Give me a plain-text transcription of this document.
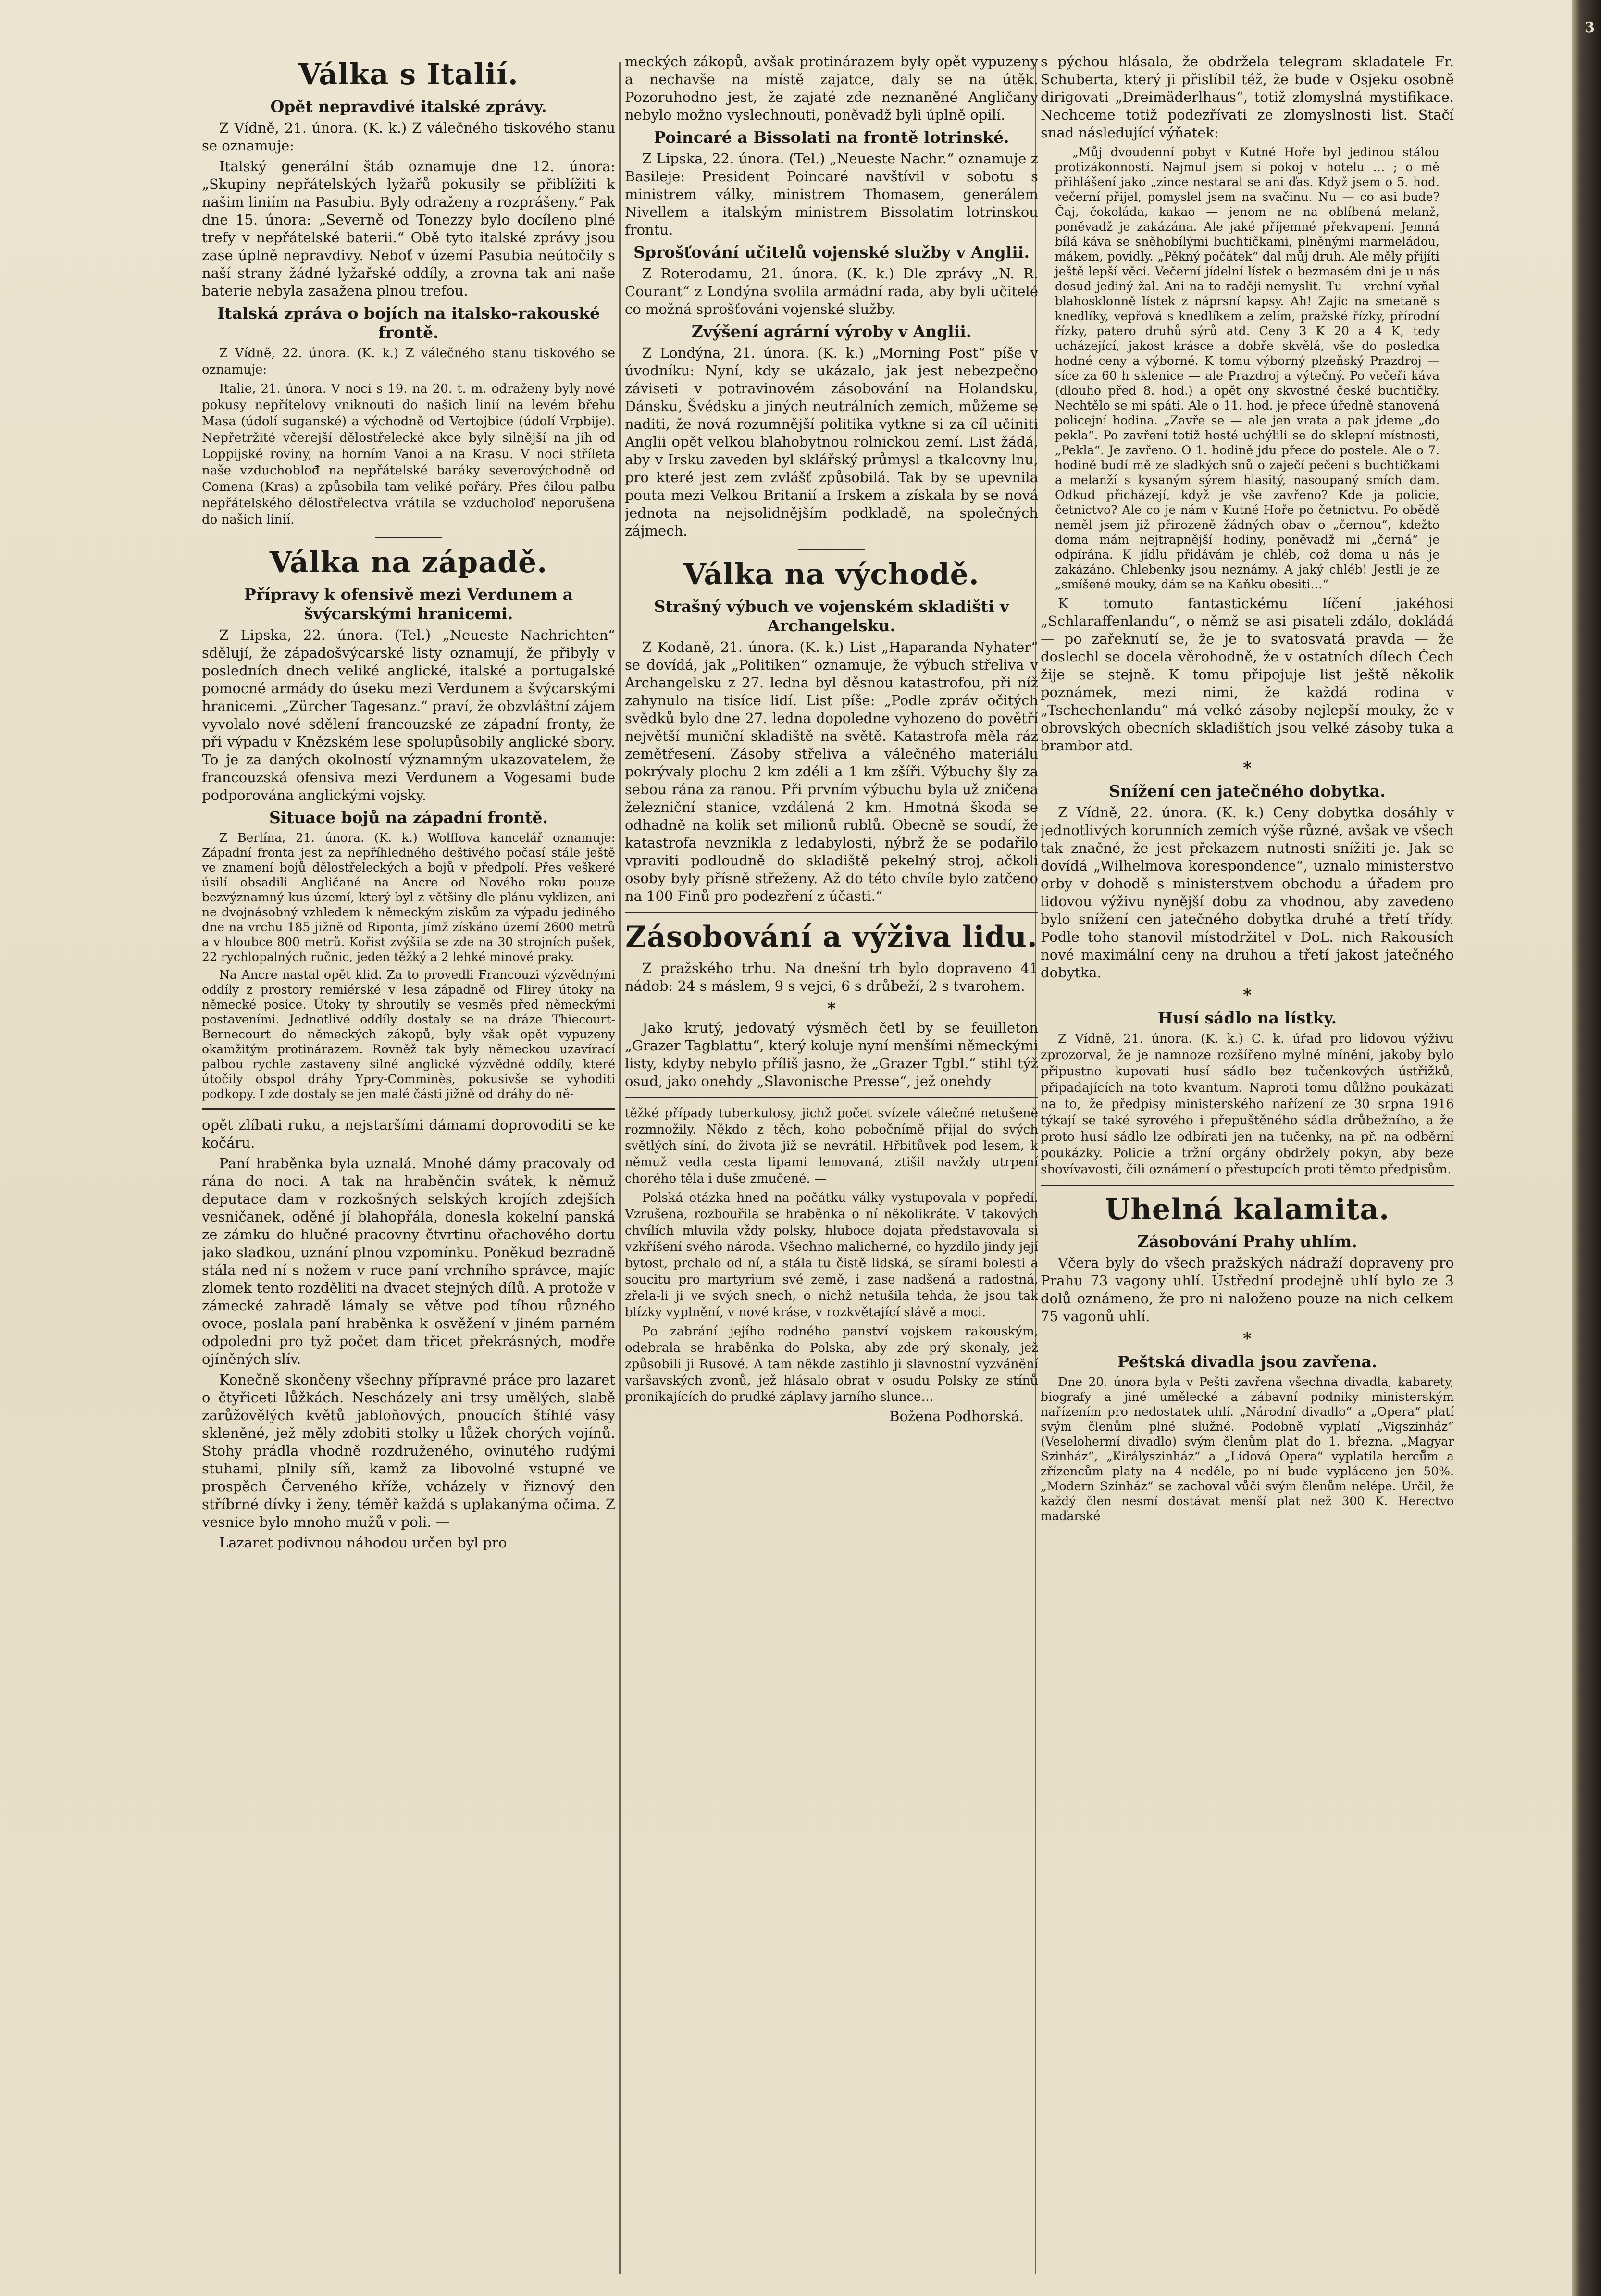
3
Válka s Italií.
Opět nepravdivé italské zprávy.

Z Vídně, 21. února. (K. k.) Z válečného tiskového stanu se oznamuje:

Italský generální štáb oznamuje dne 12. února: „Skupiny nepřátelských lyžařů pokusily se přiblížiti k našim liniím na Pasubiu. Byly odraženy a rozprášeny.“ Pak dne 15. února: „Severně od Tonezzy bylo docíleno plné trefy v nepřátelské baterii.“ Obě tyto italské zprávy jsou zase úplně nepravdivy. Neboť v území Pasubia neútočily s naší strany žádné lyžařské oddíly, a zrovna tak ani naše baterie nebyla zasažena plnou trefou.

Italská zpráva o bojích na italsko-rakouské frontě.

Z Vídně, 22. února. (K. k.) Z válečného stanu tiskového se oznamuje:

Italie, 21. února. V noci s 19. na 20. t. m. odraženy byly nové pokusy nepřítelovy vniknouti do našich linií na levém břehu Masa (údolí suganské) a východně od Vertojbice (údolí Vrpbije). Nepřetržité včerejší dělostřelecké akce byly silnější na jih od Loppijské roviny, na horním Vanoi a na Krasu. V noci stříleta naše vzduchoblođ na nepřátelské baráky severovýchodně od Comena (Kras) a způsobila tam veliké pořáry. Přes čilou palbu nepřátelského dělostřelectva vrátila se vzducholoď neporušena do našich linií.

Válka na západě.
Přípravy k ofensivě mezi Verdunem a švýcarskými hranicemi.

Z Lipska, 22. února. (Tel.) „Neueste Nachrichten“ sdělují, že západošvýcarské listy oznamují, že přibyly v posledních dnech veliké anglické, italské a portugalské pomocné armády do úseku mezi Verdunem a švýcarskými hranicemi. „Zürcher Tagesanz.“ praví, že obzvláštní zájem vyvolalo nové sdělení francouzské ze západní fronty, že při výpadu v Knězském lese spolupůsobily anglické sbory. To je za daných okolností významným ukazovatelem, že francouzská ofensiva mezi Verdunem a Vogesami bude podporována anglickými vojsky.

Situace bojů na západní frontě.

Z Berlína, 21. února. (K. k.) Wolffova kancelář oznamuje: Západní fronta jest za nepříhledného deštivého počasí stále ještě ve znamení bojů dělostřeleckých a bojů v předpolí. Přes veškeré úsilí obsadili Angličané na Ancre od Nového roku pouze bezvýznamný kus území, který byl z většiny dle plánu vyklizen, ani ne dvojnásobný vzhledem k německým ziskům za výpadu jediného dne na vrchu 185 jižně od Riponta, jímž získáno území 2600 metrů a v hloubce 800 metrů. Kořist zvýšila se zde na 30 strojních pušek, 22 rychlopalných ručnic, jeden těžký a 2 lehké minové praky.

Na Ancre nastal opět klid. Za to provedli Francouzi výzvědnými oddíly z prostory remiérské v lesa západně od Flirey útoky na německé posice. Útoky ty shroutily se vesměs před německými postaveními. Jednotlivé oddíly dostaly se na dráze Thiecourt-Bernecourt do německých zákopů, byly však opět vypuzeny okamžitým protinárazem. Rovněž tak byly německou uzavírací palbou rychle zastaveny silné anglické výzvědné oddíly, které útočily obspol dráhy Ypry-Comminès, pokusivše se vyhoditi podkopy. I zde dostaly se jen malé části jižně od dráhy do ně-

opět zlíbati ruku, a nejstaršími dámami doprovoditi se ke kočáru.

Paní hraběnka byla uznalá. Mnohé dámy pracovaly od rána do noci. A tak na hraběnčin svátek, k němuž deputace dam v rozkošných selských krojích zdejších vesničanek, oděné jí blahopřála, donesla kokelní panská ze zámku do hlučné pracovny čtvrtinu ořachového dortu jako sladkou, uznání plnou vzpomínku. Poněkud bezradně stála ned ní s nožem v ruce paní vrchního správce, majíc zlomek tento rozděliti na dvacet stejných dílů. A protože v zámecké zahradě lámaly se větve pod tíhou různého ovoce, poslala paní hraběnka k osvěžení v jiném parném odpoledni pro tyž počet dam třicet překrásných, modře ojíněných slív. —

Konečně skončeny všechny přípravné práce pro lazaret o čtyřiceti lůžkách. Nescházely ani trsy umělých, slabě zarůžovělých květů jabloňových, pnoucích štíhlé vásy skleněné, jež měly zdobiti stolky u lůžek chorých vojínů. Stohy prádla vhodně rozdruženého, ovinutého rudými stuhami, plnily síň, kamž za libovolné vstupné ve prospěch Červeného kříže, vcházely v řiznový den stříbrné dívky i ženy, téměř každá s uplakanýma očima. Z vesnice bylo mnoho mužů v poli. —

Lazaret podivnou náhodou určen byl pro

meckých zákopů, avšak protinárazem byly opět vypuzeny a nechavše na místě zajatce, daly se na útěk. Pozoruhodno jest, že zajaté zde neznaněné Angličany nebylo možno vyslechnouti, poněvadž byli úplně opilí.

Poincaré a Bissolati na frontě lotrinské.

Z Lipska, 22. února. (Tel.) „Neueste Nachr.“ oznamuje z Basileje: President Poincaré navštívil v sobotu s ministrem války, ministrem Thomasem, generálem Nivellem a italským ministrem Bissolatim lotrinskou frontu.

Sprošťování učitelů vojenské služby v Anglii.

Z Roterodamu, 21. února. (K. k.) Dle zprávy „N. R. Courant“ z Londýna svolila armádní rada, aby byli učitelé co možná sprošťováni vojenské služby.

Zvýšení agrární výroby v Anglii.

Z Londýna, 21. února. (K. k.) „Morning Post“ píše v úvodníku: Nyní, kdy se ukázalo, jak jest nebezpečno záviseti v potravinovém zásobování na Holandsku, Dánsku, Švédsku a jiných neutrálních zemích, můžeme se naditi, že nová rozumnější politika vytkne si za cíl učiniti Anglii opět velkou blahobytnou rolnickou zemí. List žádá, aby v Irsku zaveden byl sklářský průmysl a tkalcovny lnu, pro které jest zem zvlášť způsobilá. Tak by se upevnila poutа mezi Velkou Britanií a Irskem a získala by se nová jednota na nejsolidnějším podkladě, na společných zájmech.

Válka na východě.
Strašný výbuch ve vojenském skladišti v Archangelsku.

Z Kodaně, 21. února. (K. k.) List „Haparanda Nyhater“ se dovídá, jak „Politiken“ oznamuje, že výbuch střeliva v Archangelsku z 27. ledna byl děsnou katastrofou, při níž zahynulo na tisíce lidí. List píše: „Podle zpráv očitých svědků bylo dne 27. ledna dopoledne vyhozeno do povětří největší muniční skladiště na světě. Katastrofa měla ráz zemětřesení. Zásoby střeliva a válečného materiálu pokrývaly plochu 2 km zdéli a 1 km zšíři. Výbuchy šly za sebou rána za ranou. Při prvním výbuchu byla už zničena železniční stanice, vzdálená 2 km. Hmotná škoda se odhadně na kolik set milionů rublů. Obecně se soudí, že katastrofa nevznikla z ledabylosti, nýbrž že se podařilo vpraviti podloudně do skladiště pekelný stroj, ačkoli osoby byly přísně střeženy. Až do této chvíle bylo zatčeno na 100 Finů pro podezření z účasti.“

Zásobování a výživa lidu.

Z pražského trhu. Na dnešní trh bylo dopraveno 41 nádob: 24 s máslem, 9 s vejci, 6 s drůbeží, 2 s tvarohem.

*

Jako krutý, jedovatý výsměch četl by se feuilleton „Grazer Tagblattu“, který koluje nyní menšími německými listy, kdyby nebylo příliš jasno, že „Grazer Tgbl.“ stihl týž osud, jako onehdy „Slavonische Presse“, jež onehdy

těžké případy tuberkulosy, jichž počet svízele válečné netušeně rozmnožily. Někdo z těch, koho pobočnímě přijal do svých světlých síní, do života již se nevrátil. Hřbitůvek pod lesem, k němuž vedla cesta lipami lemovaná, ztišil navždy utrpení chorého těla i duše zmučené. —

Polská otázka hned na počátku války vystupovala v popředí. Vzrušena, rozbouřila se hraběnka o ní několikráte. V takových chvílích mluvila vždy polsky, hluboce dojata představovala si vzkříšení svého národa. Všechno malicherné, co hyzdilo jindy její bytost, prchalo od ní, a stála tu čistě lidská, se sírami bolesti a soucitu pro martyrium své země, i zase nadšená a radostná, zřela-li ji ve svých snech, o nichž netušila tehda, že jsou tak blízky vyplnění, v nové kráse, v rozkvětající slávě a moci.

Po zabrání jejího rodného panství vojskem rakouským, odebrala se hraběnka do Polska, aby zde prý skonaly, jež způsobili ji Rusové. A tam někde zastihlo ji slavnostní vyzvánění varšavských zvonů, jež hlásalo obrat v osudu Polsky ze stínů pronikajících do prudké záplavy jarního slunce…

Božena Podhorská.

s pýchou hlásala, že obdržela telegram skladatele Fr. Schuberta, který ji přislíbil též, že bude v Osjeku osobně dirigovati „Dreimäderlhaus“, totiž zlomyslná mystifikace. Nechceme totiž podezřívati ze zlomyslnosti list. Stačí snad následující výňatek:

„Můj dvoudenní pobyt v Kutné Hoře byl jedinou stálou protizákonností. Najmul jsem si pokoj v hotelu … ; o mě přihlášení jako „zince nestaral se ani ďas. Když jsem o 5. hod. večerní přijel, pomyslel jsem na svačinu. Nu — co asi bude? Čaj, čokoláda, kakao — jenom ne na oblíbená melanž, poněvadž je zakázána. Ale jaké příjemné překvapení. Jemná bílá káva se sněhobílými buchtičkami, plněnými marmeládou, mákem, povidly. „Pěkný počátek“ dal můj druh. Ale měly přijíti ještě lepší věci. Večerní jídelní lístek o bezmasém dni je u nás dosud jediný žal. Ani na to raději nemyslit. Tu — vrchní vyňal blahosklonně lístek z náprsní kapsy. Ah! Zajíc na smetaně s knedlíky, vepřová s knedlíkem a zelím, pražské řízky, přírodní řízky, patero druhů sýrů atd. Ceny 3 K 20 a 4 K, tedy ucházející, jakost krásce a dobře skvělá, vše do posledka hodné ceny a výborné. K tomu výborný plzeňský Prazdroj — síce za 60 h sklenice — ale Prazdroj a výtečný. Po večeři káva (dlouho před 8. hod.) a opět ony skvostné české buchtičky. Nechtělo se mi spáti. Ale o 11. hod. je přece úředně stanovená policejní hodina. „Zavře se — ale jen vrata a pak jdeme „do pekla“. Po zavření totiž hosté uchýlili se do sklepní místnosti, „Pekla“. Je zavřeno. O 1. hodině jdu přece do postele. Ale o 7. hodině budí mě ze sladkých snů o zaječí pečeni s buchtičkami a melanží s kysaným sýrem hlasitý, nasoupaný smích dam. Odkud přicházejí, když je vše zavřeno? Kde ja policie, četnictvo? Ale co je nám v Kutné Hoře po četnictvu. Po obědě neměl jsem již přirozeně žádných obav o „černou“, kdežto doma mám nejtrapnější hodiny, poněvadž mi „černá“ je odpírána. K jídlu přidávám je chléb, což doma u nás je zakázáno. Chlebenky jsou neznámy. A jaký chléb! Jestli je ze „smíšené mouky, dám se na Kaňku obesiti…“

K tomuto fantastickému líčení jakéhosi „Schlaraffenlandu“, o němž se asi pisateli zdálo, dokládá — po zařeknutí se, že je to svatosvatá pravda — že doslechl se docela věrohodně, že v ostatních dílech Čech žije se stejně. K tomu připojuje list ještě několik poznámek, mezi nimi, že každá rodina v „Tschechenlandu“ má velké zásoby nejlepší mouky, že v obrovských obecních skladištích jsou velké zásoby tuka a brambor atd.

*
Snížení cen jatečného dobytka.

Z Vídně, 22. února. (K. k.) Ceny dobytka dosáhly v jednotlivých korunních zemích výše různé, avšak ve všech tak značné, že jest překazem nutnosti snížiti je. Jak se dovídá „Wilhelmova korespondence“, uznalo ministerstvo orby v dohodě s ministerstvem obchodu a úřadem pro lidovou výživu nynější dobu za vhodnou, aby zavedeno bylo snížení cen jatečného dobytka druhé a třetí třídy. Podle toho stanovil místodržitel v DoL. nich Rakousích nové maximální ceny na druhou a třetí jakost jatečného dobytka.

*
Husí sádlo na lístky.

Z Vídně, 21. února. (K. k.) C. k. úřad pro lidovou výživu zprozorval, že je namnoze rozšířeno mylné mínění, jakoby bylo připustno kupovati husí sádlo bez tučenkových ústřižků, připadajících na toto kvantum. Naproti tomu důlžno poukázati na to, že předpisy ministerského nařízení ze 30 srpna 1916 týkají se také syrového i přepuštěného sádla drůbežního, a že proto husí sádlo lze odbírati jen na tučenky, na př. na odběrní poukázky. Policie a tržní orgány obdržely pokyn, aby beze shovívavosti, čili oznámení o přestupcích proti těmto předpisům.

Uhelná kalamita.
Zásobování Prahy uhlím.

Včera byly do všech pražských nádraží dopraveny pro Prahu 73 vagony uhlí. Ústřední prodejně uhlí bylo ze 3 dolů oznámeno, že pro ni naloženo pouze na nich celkem 75 vagonů uhlí.

*
Peštská divadla jsou zavřena.

Dne 20. února byla v Pešti zavřena všechna divadla, kabarety, biografy a jiné umělecké a zábavní podniky ministerským nařízením pro nedostatek uhlí. „Národní divadlo“ a „Opera“ platí svým členům plné služné. Podobně vyplatí „Vigszinház“ (Veselohermí divadlo) svým členům plat do 1. března. „Magyar Szinház“, „Királyszinház“ a „Lidová Opera“ vyplatila herců̊m a zřízencům platy na 4 neděle, po ní bude vypláceno jen 50%. „Modern Szinház“ se zachoval vůči svým členům nelépe. Určil, že každý člen nesmí dostávat menší plat než 300 K. Herectvo maďarské
